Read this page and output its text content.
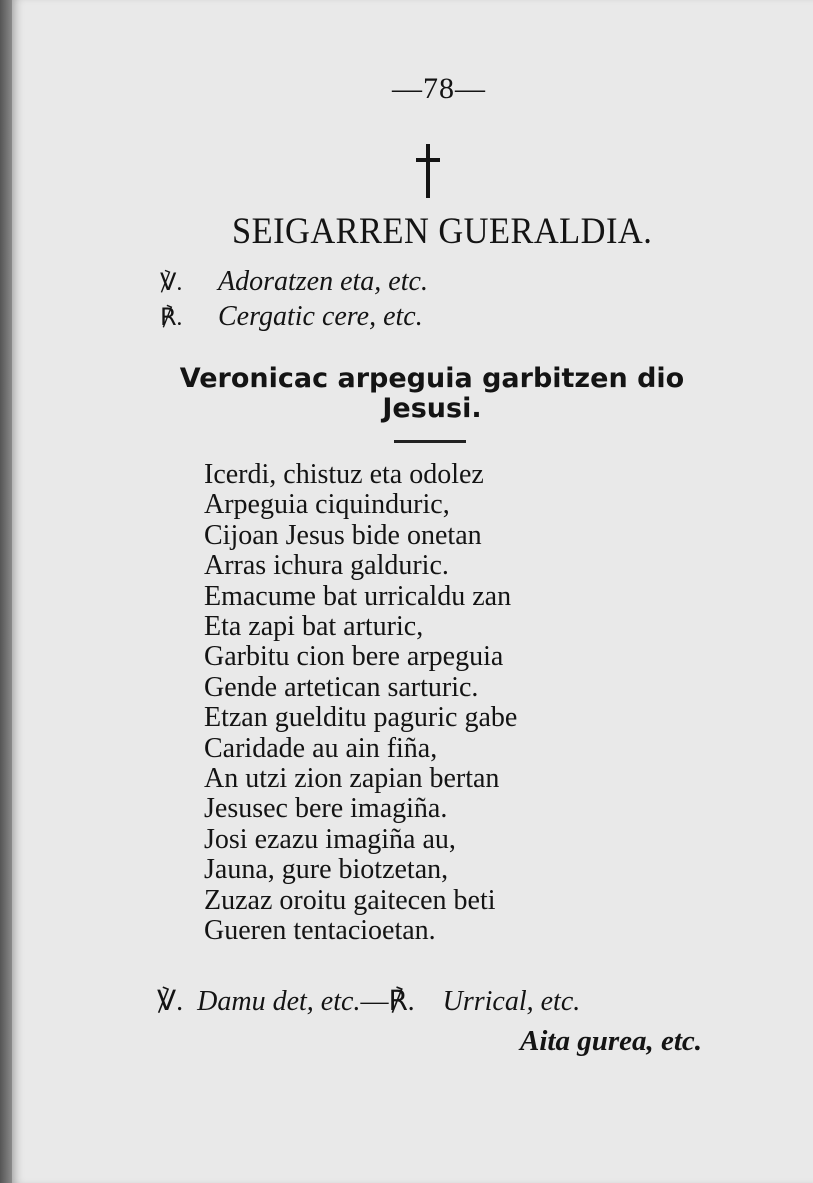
—78—
SEIGARREN GUERALDIA.
℣. Adoratzen eta, etc.
℟. Cergatic cere, etc.
Veronicac arpeguia garbitzen dio
Jesusi.
Icerdi, chistuz eta odolez
Arpeguia ciquinduric,
Cijoan Jesus bide onetan
Arras ichura galduric.
Emacume bat urricaldu zan
Eta zapi bat arturic,
Garbitu cion bere arpeguia
Gende artetican sarturic.
Etzan guelditu paguric gabe
Caridade au ain fiña,
An utzi zion zapian bertan
Jesusec bere imagiña.
Josi ezazu imagiña au,
Jauna, gure biotzetan,
Zuzaz oroitu gaitecen beti
Gueren tentacioetan.
℣. Damu det, etc.—℟. Urrical, etc.
Aita gurea, etc.
